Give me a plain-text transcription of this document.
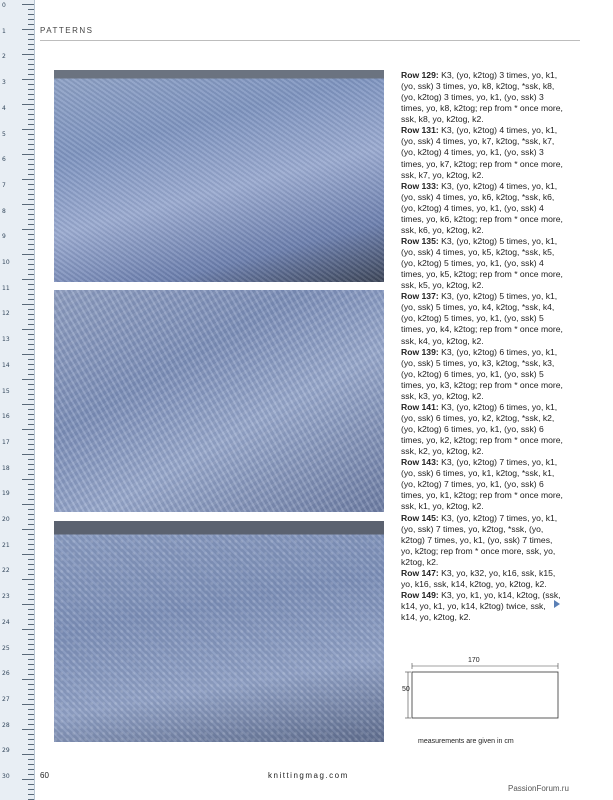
0
1
2
3
4
5
6
7
8
9
10
11
12
13
14
15
16
17
18
19
20
21
22
23
24
25
26
27
28
29
30
PATTERNS

Row 129: K3, (yo, k2tog) 3 times, yo, k1, (yo, ssk) 3 times, yo, k8, k2tog, *ssk, k8, (yo, k2tog) 3 times, yo, k1, (yo, ssk) 3 times, yo, k8, k2tog; rep from * once more, ssk, k8, yo, k2tog, k2.

Row 131: K3, (yo, k2tog) 4 times, yo, k1, (yo, ssk) 4 times, yo, k7, k2tog, *ssk, k7, (yo, k2tog) 4 times, yo, k1, (yo, ssk) 3 times, yo, k7, k2tog; rep from * once more, ssk, k7, yo, k2tog, k2.

Row 133: K3, (yo, k2tog) 4 times, yo, k1, (yo, ssk) 4 times, yo, k6, k2tog, *ssk, k6, (yo, k2tog) 4 times, yo, k1, (yo, ssk) 4 times, yo, k6, k2tog; rep from * once more, ssk, k6, yo, k2tog, k2.

Row 135: K3, (yo, k2tog) 5 times, yo, k1, (yo, ssk) 4 times, yo, k5, k2tog, *ssk, k5, (yo, k2tog) 5 times, yo, k1, (yo, ssk) 4 times, yo, k5, k2tog; rep from * once more, ssk, k5, yo, k2tog, k2.

Row 137: K3, (yo, k2tog) 5 times, yo, k1, (yo, ssk) 5 times, yo, k4, k2tog, *ssk, k4, (yo, k2tog) 5 times, yo, k1, (yo, ssk) 5 times, yo, k4, k2tog; rep from * once more, ssk, k4, yo, k2tog, k2.

Row 139: K3, (yo, k2tog) 6 times, yo, k1, (yo, ssk) 5 times, yo, k3, k2tog, *ssk, k3, (yo, k2tog) 6 times, yo, k1, (yo, ssk) 5 times, yo, k3, k2tog; rep from * once more, ssk, k3, yo, k2tog, k2.

Row 141: K3, (yo, k2tog) 6 times, yo, k1, (yo, ssk) 6 times, yo, k2, k2tog, *ssk, k2, (yo, k2tog) 6 times, yo, k1, (yo, ssk) 6 times, yo, k2, k2tog; rep from * once more, ssk, k2, yo, k2tog, k2.

Row 143: K3, (yo, k2tog) 7 times, yo, k1, (yo, ssk) 6 times, yo, k1, k2tog, *ssk, k1, (yo, k2tog) 7 times, yo, k1, (yo, ssk) 6 times, yo, k1, k2tog; rep from * once more, ssk, k1, yo, k2tog, k2.

Row 145: K3, (yo, k2tog) 7 times, yo, k1, (yo, ssk) 7 times, yo, k2tog, *ssk, (yo, k2tog) 7 times, yo, k1, (yo, ssk) 7 times, yo, k2tog; rep from * once more, ssk, yo, k2tog, k2.

Row 147: K3, yo, k32, yo, k16, ssk, k15, yo, k16, ssk, k14, k2tog, yo, k2tog, k2.

Row 149: K3, yo, k1, yo, k14, k2tog, (ssk, k14, yo, k1, yo, k14, k2tog) twice, ssk, k14, yo, k2tog, k2.

170
50
measurements are given in cm
60	knittingmag.com
PassionForum.ru
